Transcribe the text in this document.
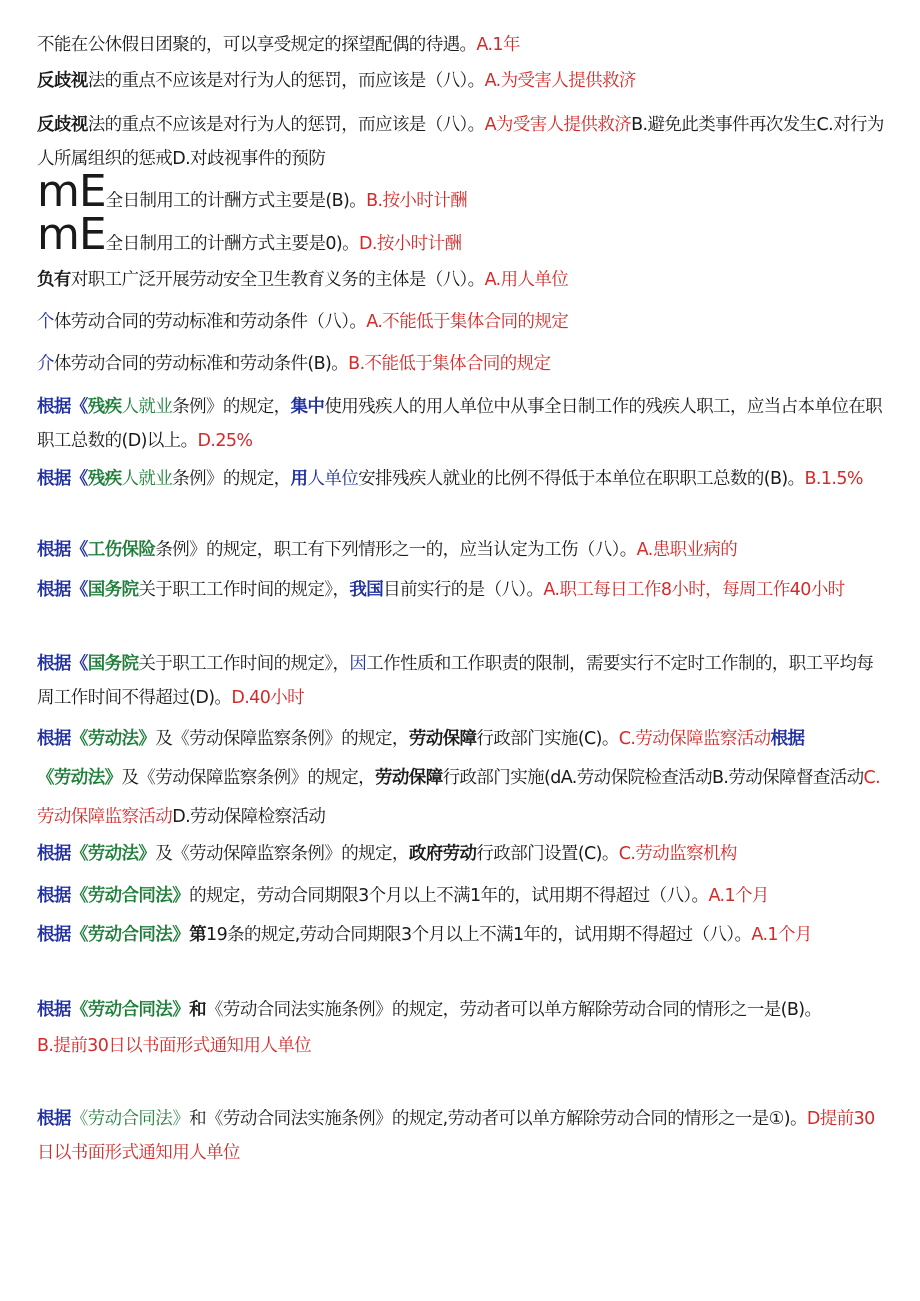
不能在公休假日团聚的，可以享受规定的探望配偶的待遇。A.1年
反歧视法的重点不应该是对行为人的惩罚，而应该是（八）。A.为受害人提供救济
反歧视法的重点不应该是对行为人的惩罚，而应该是（八）。A为受害人提供救济B.避免此类事件再次发生C.对行为人所属组织的惩戒D.对歧视事件的预防
mE全日制用工的计酬方式主要是(B)。B.按小时计酬
mE全日制用工的计酬方式主要是0)。D.按小时计酬
负有对职工广泛开展劳动安全卫生教育义务的主体是（八）。A.用人单位
个体劳动合同的劳动标准和劳动条件（八）。A.不能低于集体合同的规定
介体劳动合同的劳动标准和劳动条件(B)。B.不能低于集体合同的规定
根据《残疾人就业条例》的规定，集中使用残疾人的用人单位中从事全日制工作的残疾人职工，应当占本单位在职职工总数的(D)以上。D.25%
根据《残疾人就业条例》的规定，用人单位安排残疾人就业的比例不得低于本单位在职职工总数的(B)。B.1.5%
根据《工伤保险条例》的规定，职工有下列情形之一的，应当认定为工伤（八）。A.患职业病的
根据《国务院关于职工工作时间的规定》，我国目前实行的是（八）。A.职工每日工作8小时，每周工作40小时
根据《国务院关于职工工作时间的规定》，因工作性质和工作职责的限制，需要实行不定时工作制的，职工平均每周工作时间不得超过(D)。D.40小时
根据《劳动法》及《劳动保障监察条例》的规定，劳动保障行政部门实施(C)。C.劳动保障监察活动根据《劳动法》及《劳动保障监察条例》的规定，劳动保障行政部门实施(dA.劳动保院检查活动B.劳动保障督查活动C.劳动保障监察活动D.劳动保障检察活动
根据《劳动法》及《劳动保障监察条例》的规定，政府劳动行政部门设置(C)。C.劳动监察机构
根据《劳动合同法》的规定，劳动合同期限3个月以上不满1年的，试用期不得超过（八）。A.1个月
根据《劳动合同法》第19条的规定,劳动合同期限3个月以上不满1年的，试用期不得超过（八）。A.1个月
根据《劳动合同法》和《劳动合同法实施条例》的规定，劳动者可以单方解除劳动合同的情形之一是(B)。
B.提前30日以书面形式通知用人单位
根据《劳动合同法》和《劳动合同法实施条例》的规定,劳动者可以单方解除劳动合同的情形之一是①)。D提前30日以书面形式通知用人单位
